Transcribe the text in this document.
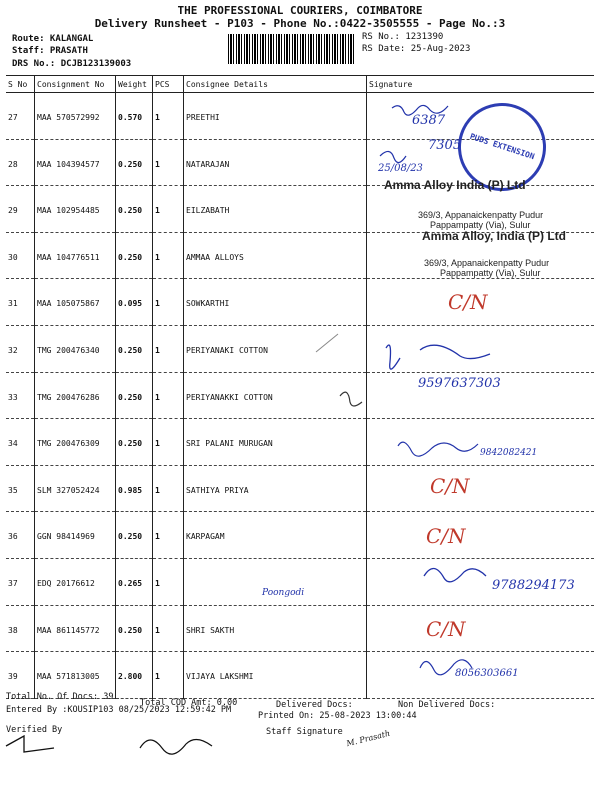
THE PROFESSIONAL COURIERS, COIMBATORE
Delivery Runsheet - P103 - Phone No.:0422-3505555 - Page No.:3
Route: KALANGAL
Staff: PRASATH
DRS No.: DCJB123139003
RS No.: 1231390
RS Date: 25-Aug-2023
S No	Consignment No	Weight	PCS	Consignee Details	Signature
27	MAA 570572992	0.570	1	PREETHI	
28	MAA 104394577	0.250	1	NATARAJAN	
29	MAA 102954485	0.250	1	EILZABATH	
30	MAA 104776511	0.250	1	AMMAA ALLOYS	
31	MAA 105075867	0.095	1	SOWKARTHI	
32	TMG 200476340	0.250	1	PERIYANAKI COTTON	
33	TMG 200476286	0.250	1	PERIYANAKKI COTTON	
34	TMG 200476309	0.250	1	SRI PALANI MURUGAN	
35	SLM 327052424	0.985	1	SATHIYA PRIYA	
36	GGN 98414969	0.250	1	KARPAGAM	
37	EDQ 20176612	0.265	1		
38	MAA 861145772	0.250	1	SHRI SAKTH	
39	MAA 571813005	2.800	1	VIJAYA LAKSHMI	
PUDS EXTENSION
6387
7305
25/08/23
Amma Alloy India (P) Ltd
369/3, Appanaickenpatty Pudur
Pappampatty (Via), Sulur
Amma Alloy, India (P) Ltd
369/3, Appanaickenpatty Pudur
Pappampatty (Via), Sulur
C/N
9597637303
9842082421
C/N
C/N
9788294173
Poongodi
C/N
8056303661
Total No. Of Docs: 39
Total COD Amt: 0.00	Delivered Docs:	Non Delivered Docs:
Entered By :KOUSIP103 08/25/2023 12:59:42 PM
Printed On: 25-08-2023 13:00:44
Verified By	Staff Signature M. Prasath
